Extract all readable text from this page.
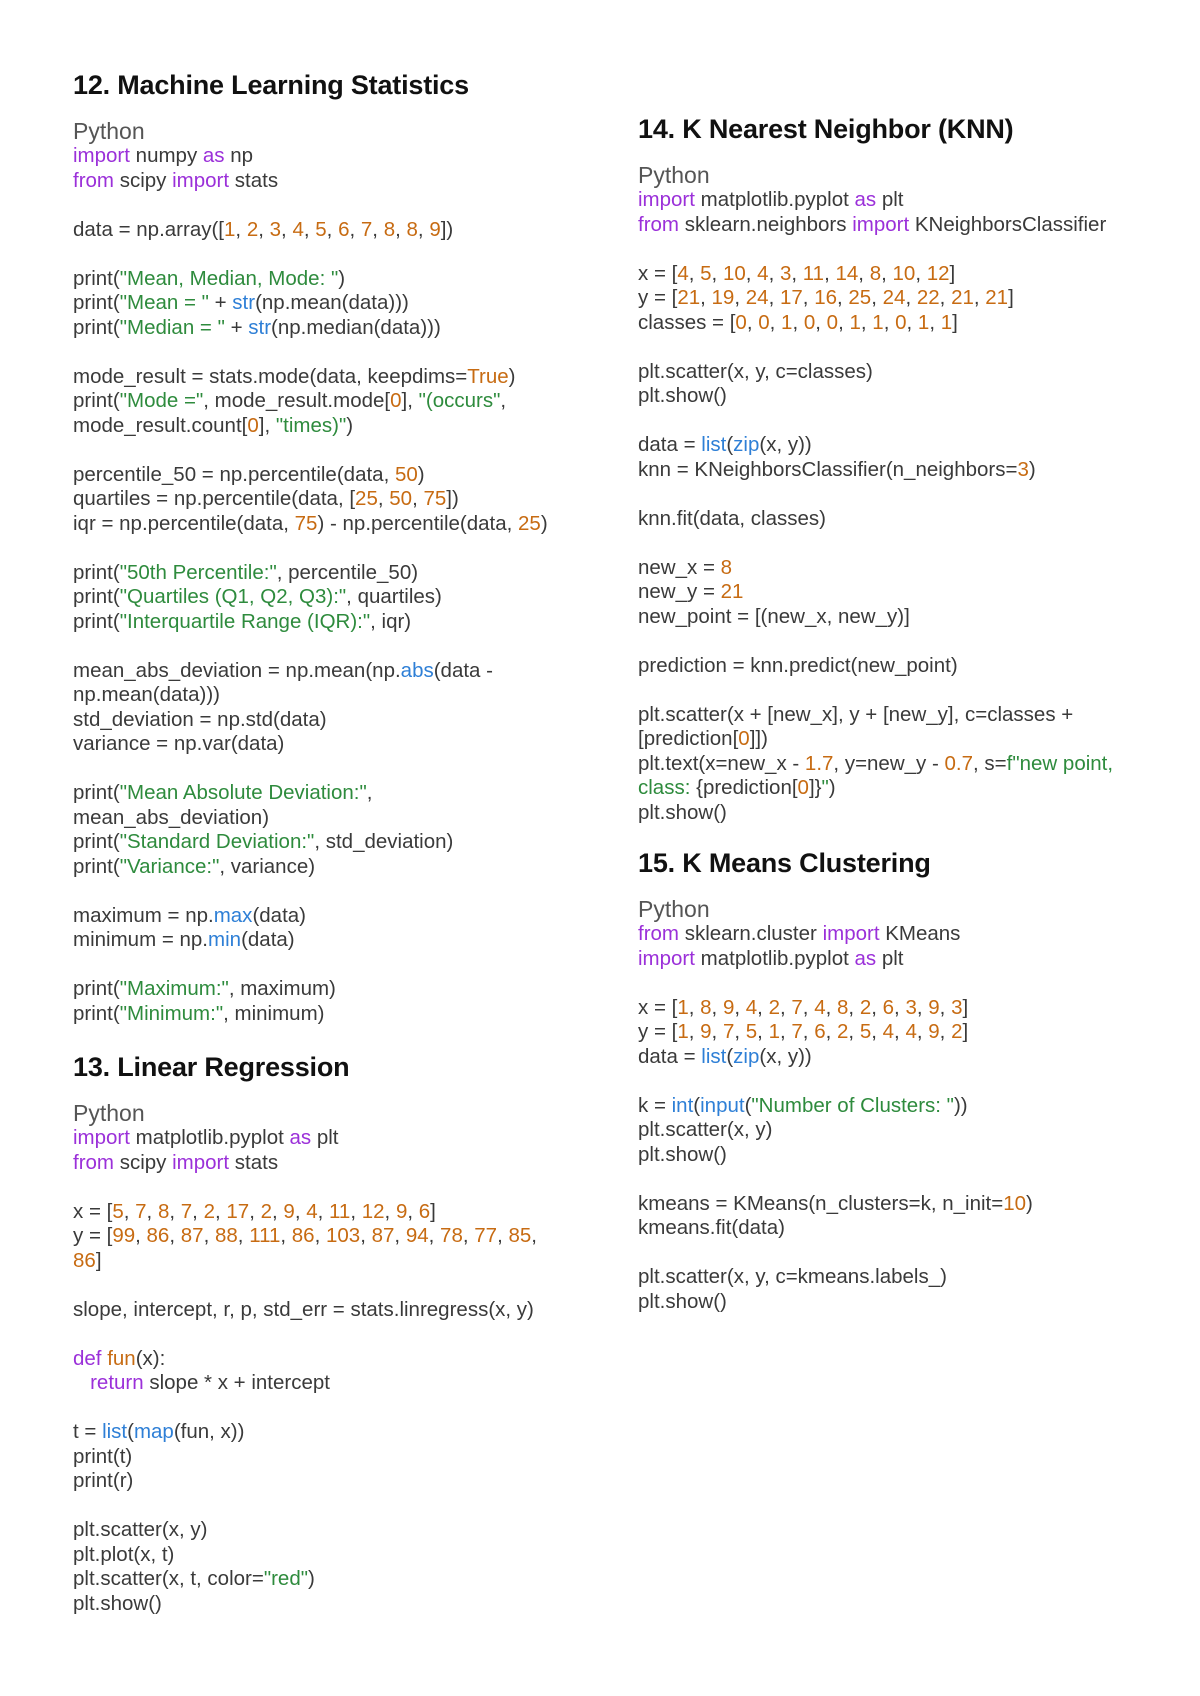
12. Machine Learning Statistics
Python
import numpy as np
from scipy import stats

data = np.array([1, 2, 3, 4, 5, 6, 7, 8, 8, 9])

print("Mean, Median, Mode: ")
print("Mean = " + str(np.mean(data)))
print("Median = " + str(np.median(data)))

mode_result = stats.mode(data, keepdims=True)
print("Mode =", mode_result.mode[0], "(occurs",
mode_result.count[0], "times)")

percentile_50 = np.percentile(data, 50)
quartiles = np.percentile(data, [25, 50, 75])
iqr = np.percentile(data, 75) - np.percentile(data, 25)

print("50th Percentile:", percentile_50)
print("Quartiles (Q1, Q2, Q3):", quartiles)
print("Interquartile Range (IQR):", iqr)

mean_abs_deviation = np.mean(np.abs(data -
np.mean(data)))
std_deviation = np.std(data)
variance = np.var(data)

print("Mean Absolute Deviation:",
mean_abs_deviation)
print("Standard Deviation:", std_deviation)
print("Variance:", variance)

maximum = np.max(data)
minimum = np.min(data)

print("Maximum:", maximum)
print("Minimum:", minimum)
13. Linear Regression
Python
import matplotlib.pyplot as plt
from scipy import stats

x = [5, 7, 8, 7, 2, 17, 2, 9, 4, 11, 12, 9, 6]
y = [99, 86, 87, 88, 111, 86, 103, 87, 94, 78, 77, 85,
86]

slope, intercept, r, p, std_err = stats.linregress(x, y)

def fun(x):
return slope * x + intercept

t = list(map(fun, x))
print(t)
print(r)

plt.scatter(x, y)
plt.plot(x, t)
plt.scatter(x, t, color="red")
plt.show()
14. K Nearest Neighbor (KNN)
Python
import matplotlib.pyplot as plt
from sklearn.neighbors import KNeighborsClassifier

x = [4, 5, 10, 4, 3, 11, 14, 8, 10, 12]
y = [21, 19, 24, 17, 16, 25, 24, 22, 21, 21]
classes = [0, 0, 1, 0, 0, 1, 1, 0, 1, 1]

plt.scatter(x, y, c=classes)
plt.show()

data = list(zip(x, y))
knn = KNeighborsClassifier(n_neighbors=3)

knn.fit(data, classes)

new_x = 8
new_y = 21
new_point = [(new_x, new_y)]

prediction = knn.predict(new_point)

plt.scatter(x + [new_x], y + [new_y], c=classes +
[prediction[0]])
plt.text(x=new_x - 1.7, y=new_y - 0.7, s=f"new point,
class: {prediction[0]}")
plt.show()
15. K Means Clustering
Python
from sklearn.cluster import KMeans
import matplotlib.pyplot as plt

x = [1, 8, 9, 4, 2, 7, 4, 8, 2, 6, 3, 9, 3]
y = [1, 9, 7, 5, 1, 7, 6, 2, 5, 4, 4, 9, 2]
data = list(zip(x, y))

k = int(input("Number of Clusters: "))
plt.scatter(x, y)
plt.show()

kmeans = KMeans(n_clusters=k, n_init=10)
kmeans.fit(data)

plt.scatter(x, y, c=kmeans.labels_)
plt.show()
